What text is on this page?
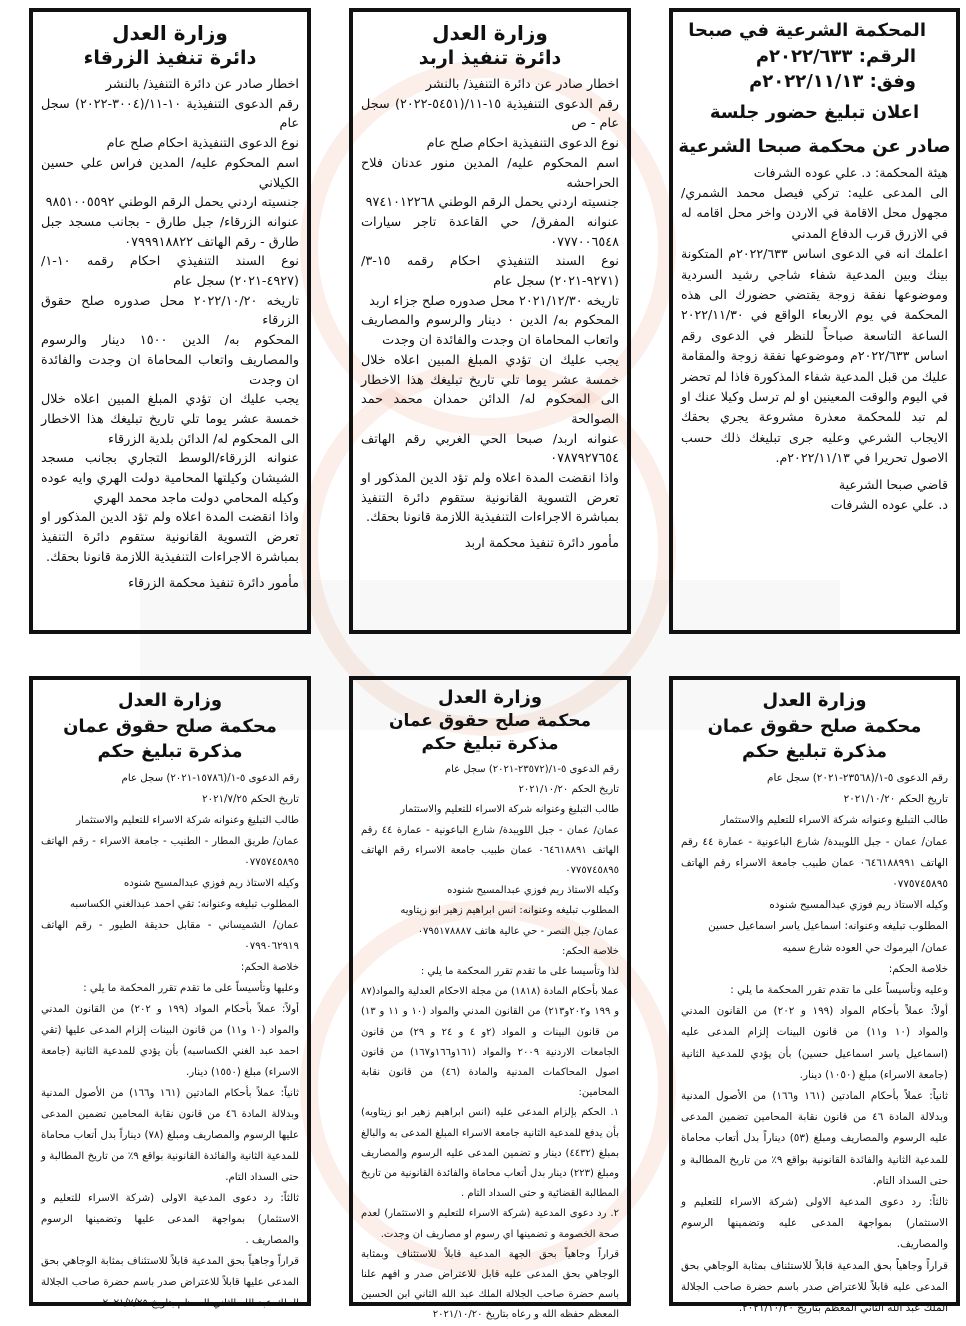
المحكمة الشرعية في صبحا
الرقم: ٢٠٢٢/٦٣٣م
وفق: ٢٠٢٢/١١/١٣م
اعلان تبليغ حضور جلسة
صادر عن محكمة صبحا الشرعية

هيئة المحكمة: د. علي عوده الشرفات

الى المدعى عليه: تركي فيصل محمد الشمري/ مجهول محل الاقامة في الاردن واخر محل اقامه له في الازرق قرب الدفاع المدني

اعلمك انه في الدعوى اساس ٢٠٢٢/٦٣٣م المتكونة بينك وبين المدعية شفاء شاجي رشيد السردية وموضوعها نفقة زوجة يقتضي حضورك الى هذه المحكمة في يوم الاربعاء الواقع في ٢٠٢٢/١١/٣٠ الساعة التاسعة صباحاً للنظر في الدعوى رقم اساس ٢٠٢٢/٦٣٣م وموضوعها نفقة زوجة والمقامة عليك من قبل المدعية شفاء المذكورة فاذا لم تحضر في اليوم والوقت المعينين او لم ترسل وكيلا عنك او لم تبد للمحكمة معذرة مشروعة يجري بحقك الايجاب الشرعي وعليه جرى تبليغك ذلك حسب الاصول تحريرا في ٢٠٢٢/١١/١٣م.

قاضي صبحا الشرعية

د. علي عوده الشرفات

وزارة العدل
دائرة تنفيذ اربد

اخطار صادر عن دائرة التنفيذ/ بالنشر

رقم الدعوى التنفيذية ١٥-١١/(٥٤٥١-٢٠٢٢) سجل عام - ص

نوع الدعوى التنفيذية احكام صلح عام

اسم المحكوم عليه/ المدين منور عدنان فلاح الحراحشه

جنسيته اردني يحمل الرقم الوطني ٩٧٤١٠١٢٢٦٨

عنوانه المفرق/ حي القاعدة تاجر سيارات ٠٧٧٧٠٠٦٥٤٨

نوع السند التنفيذي احكام رقمه ١٥-٣/ (٩٢٧١-٢٠٢١) سجل عام

تاريخه ٢٠٢١/١٢/٣٠ محل صدوره صلح جزاء اربد

المحكوم به/ الدين ٠ دينار والرسوم والمصاريف واتعاب المحاماة ان وجدت والفائدة ان وجدت

يجب عليك ان تؤدي المبلغ المبين اعلاه خلال خمسة عشر يوما تلي تاريخ تبليغك هذا الاخطار الى المحكوم له/ الدائن حمدان محمد حمد الصوالحة

عنوانه اربد/ صبحا الحي الغربي رقم الهاتف ٠٧٨٧٩٢٧٦٥٤

واذا انقضت المدة اعلاه ولم تؤد الدين المذكور او تعرض التسوية القانونية ستقوم دائرة التنفيذ بمباشرة الاجراءات التنفيذية اللازمة قانونا بحقك.

مأمور دائرة تنفيذ محكمة اربد

وزارة العدل
دائرة تنفيذ الزرقاء

اخطار صادر عن دائرة التنفيذ/ بالنشر

رقم الدعوى التنفيذية ١٠-١١/(٣٠٠٤-٢٠٢٢) سجل عام

نوع الدعوى التنفيذية احكام صلح عام

اسم المحكوم عليه/ المدين فراس علي حسين الكيلاني

جنسيته اردني يحمل الرقم الوطني ٩٨٥١٠٠٥٥٩٢

عنوانه الزرقاء/ جبل طارق - بجانب مسجد جبل طارق - رقم الهاتف ٠٧٩٩٩١٨٨٢٢

نوع السند التنفيذي احكام رقمه ١٠-١/ (٤٩٢٧-٢٠٢١) سجل عام

تاريخه ٢٠٢٢/١٠/٢٠ محل صدوره صلح حقوق الزرقاء

المحكوم به/ الدين ١٥٠٠ دينار والرسوم والمصاريف واتعاب المحاماة ان وجدت والفائدة ان وجدت

يجب عليك ان تؤدي المبلغ المبين اعلاه خلال خمسة عشر يوما تلي تاريخ تبليغك هذا الاخطار الى المحكوم له/ الدائن بلدية الزرقاء

عنوانه الزرقاء/الوسط التجاري بجانب مسجد الشيشان وكيلتها المحامية دولت الهري وايه عوده وكيله المحامي دولت ماجد محمد الهري

واذا انقضت المدة اعلاه ولم تؤد الدين المذكور او تعرض التسوية القانونية ستقوم دائرة التنفيذ بمباشرة الاجراءات التنفيذية اللازمة قانونا بحقك.

مأمور دائرة تنفيذ محكمة الزرقاء

وزارة العدل
محكمة صلح حقوق عمان
مذكرة تبليغ حكم

رقم الدعوى ٥-١/(٢٣٥٦٨-٢٠٢١) سجل عام

تاريخ الحكم ٢٠٢١/١٠/٢٠

طالب التبليغ وعنوانه شركة الاسراء للتعليم والاستثمار

عمان/ عمان - جبل اللويبدة/ شارع الباعونية - عمارة ٤٤ رقم الهاتف ٠٦٤٦١٨٨٩٩١ عمان طبيب جامعة الاسراء رقم الهاتف ٠٧٧٥٧٤٥٨٩٥

وكيله الاستاذ ريم فوزي عبدالمسيح شنوده

المطلوب تبليغه وعنوانه: اسماعيل ياسر اسماعيل حسين

عمان/ اليرموك حي العوده شارع سميه

خلاصة الحكم:

وعليه وتأسيساً على ما تقدم تقرر المحكمة ما يلي :

أولاً: عملاً بأحكام المواد (١٩٩ و ٢٠٢) من القانون المدني والمواد (١٠ و١١) من قانون البينات إلزام المدعى عليه (اسماعيل ياسر اسماعيل حسين) بأن يؤدي للمدعية الثانية (جامعة الاسراء) مبلغ (١٠٥٠) دينار.

ثانياً: عملاً بأحكام المادتين (١٦١ و١٦٦) من الأصول المدنية وبدلالة المادة ٤٦ من قانون نقابة المحامين تضمين المدعى عليه الرسوم والمصاريف ومبلغ (٥٣) ديناراً بدل أتعاب محاماة للمدعية الثانية والفائدة القانونية بواقع ٩٪ من تاريخ المطالبة و حتى السداد التام.

ثالثاً: رد دعوى المدعية الاولى (شركة الاسراء للتعليم و الاستثمار) بمواجهة المدعى عليه وتضمينها الرسوم والمصاريف.

قراراً وجاهياً بحق المدعية قابلاً للاستئناف بمثابة الوجاهي بحق المدعى عليه قابلاً للاعتراض صدر باسم حضرة صاحب الجلالة الملك عبد الله الثاني المعظم بتاريخ ٢٠٢١/١٠/٢٠.

وزارة العدل
محكمة صلح حقوق عمان
مذكرة تبليغ حكم

رقم الدعوى ٥-١/(٢٣٥٧٢-٢٠٢١) سجل عام

تاريخ الحكم ٢٠٢١/١٠/٢٠

طالب التبليغ وعنوانه شركة الاسراء للتعليم والاستثمار

عمان/ عمان - جبل اللويبدة/ شارع الباعونية - عمارة ٤٤ رقم الهاتف ٠٦٤٦١٨٨٩١ عمان طبيب جامعة الاسراء رقم الهاتف ٠٧٧٥٧٤٥٨٩٥

وكيله الاستاذ ريم فوزي عبدالمسيح شنوده

المطلوب تبليغه وعنوانه: انس ابراهيم زهير ابو زيتاويه

عمان/ جبل النصر - حي عالية هاتف ٠٧٩٥١٧٨٨٨٧

خلاصة الحكم:

لذا وتأسيسا على ما تقدم تقرر المحكمة ما يلي :

عملا بأحكام المادة (١٨١٨) من مجلة الاحكام العدلية والمواد(٨٧ و ١٩٩ و٢٠٢و٢١٣) من القانون المدني والمواد (١٠ و ١١ و ١٣) من قانون البينات و المواد (٢و ٤ و ٢٤ و ٢٩) من قانون الجامعات الاردنية ٢٠٠٩ والمواد (١٦١و١٦٦و١٦٧) من قانون اصول المحاكمات المدنية والمادة (٤٦) من قانون نقابة المحامين:

١. الحكم بإلزام المدعى عليه (انس ابراهيم زهير ابو زيتاويه) بأن يدفع للمدعية الثانية جامعة الاسراء المبلغ المدعى به والبالغ بمبلغ (٤٤٣٢) دينار و تضمين المدعى عليه الرسوم والمصاريف ومبلغ (٢٢٣) دينار بدل أتعاب محاماة والفائدة القانونية من تاريخ المطالبة القضائية و حتى السداد التام .

٢. رد دعوى المدعية (شركة الاسراء للتعليم و الاستثمار) لعدم صحة الخصومة و تضمينها اي رسوم او مصاريف ان وجدت.

قراراً وجاهياً بحق الجهة المدعية قابلاً للاستئناف وبمثابة الوجاهي بحق المدعى عليه قابل للاعتراض صدر و افهم علنا باسم حضرة صاحب الجلالة الملك عبد الله الثاني ابن الحسين المعظم حفظه الله و رعاه بتاريخ ٢٠٢١/١٠/٢٠

وزارة العدل
محكمة صلح حقوق عمان
مذكرة تبليغ حكم

رقم الدعوى ٥-١/(١٥٧٨٦-٢٠٢١) سجل عام

تاريخ الحكم ٢٠٢١/٧/٢٥

طالب التبليغ وعنوانه شركة الاسراء للتعليم والاستثمار

عمان/ طريق المطار - الطنيب - جامعة الاسراء - رقم الهاتف ٠٧٧٥٧٤٥٨٩٥

وكيله الاستاذ ريم فوزي عبدالمسيح شنوده

المطلوب تبليغه وعنوانه: تقي احمد عبدالغني الكساسبه

عمان/ الشميساني - مقابل حديقة الطيور - رقم الهاتف ٠٧٩٩٠٦٢٩١٩

خلاصة الحكم:

وعليها وتأسيساً على ما تقدم تقرر المحكمة ما يلي :

أولاً: عملاً بأحكام المواد (١٩٩ و ٢٠٢) من القانون المدني والمواد (١٠ و١١) من قانون البينات إلزام المدعى عليها (تقي احمد عبد الغني الكساسبه) بأن يؤدي للمدعية الثانية (جامعة الاسراء) مبلغ (١٥٥٠) دينار.

ثانياً: عملاً بأحكام المادتين (١٦١ و١٦٦) من الأصول المدنية وبدلالة المادة ٤٦ من قانون نقابة المحامين تضمين المدعى عليها الرسوم والمصاريف ومبلغ (٧٨) ديناراً بدل أتعاب محاماة للمدعية الثانية والفائدة القانونية بواقع ٩٪ من تاريخ المطالبة و حتى السداد التام.

ثالثاً: رد دعوى المدعية الاولى (شركة الاسراء للتعليم و الاستثمار) بمواجهة المدعى عليها وتضمينها الرسوم والمصاريف .

قراراً وجاهياً بحق المدعية قابلاً للاستئناف بمثابة الوجاهي بحق المدعى عليها قابلاً للاعتراض صدر باسم حضرة صاحب الجلالة الملك عبد الله الثاني المعظم بتاريخ ٢٠٢١/٧/٢٥.
